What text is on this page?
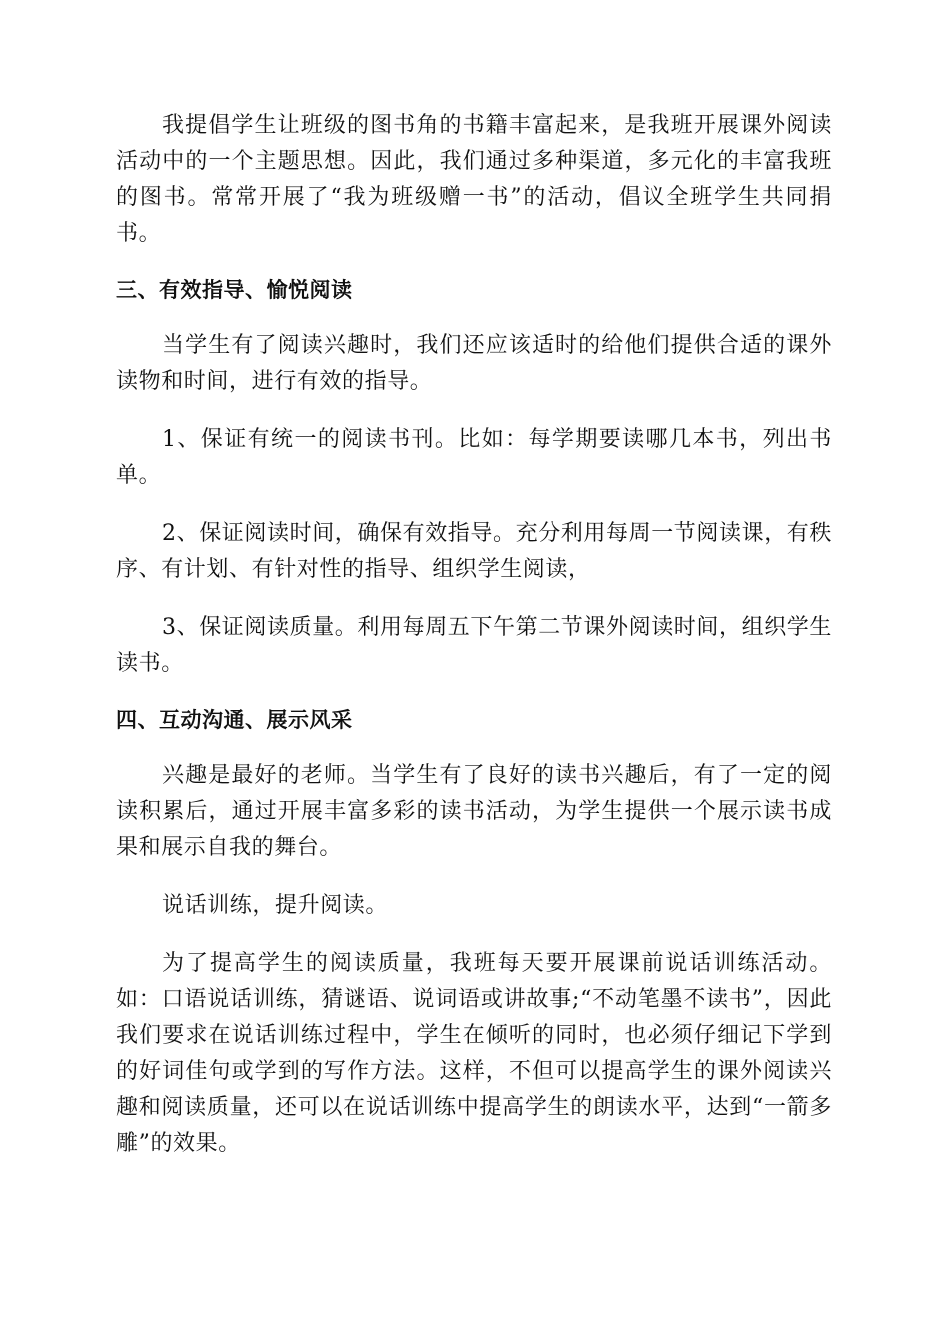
我提倡学生让班级的图书角的书籍丰富起来，是我班开展课外阅读活动中的一个主题思想。因此，我们通过多种渠道，多元化的丰富我班的图书。常常开展了“我为班级赠一书”的活动，倡议全班学生共同捐书。

三、有效指导、愉悦阅读

当学生有了阅读兴趣时，我们还应该适时的给他们提供合适的课外读物和时间，进行有效的指导。

1、保证有统一的阅读书刊。比如：每学期要读哪几本书，列出书单。

2、保证阅读时间，确保有效指导。充分利用每周一节阅读课，有秩序、有计划、有针对性的指导、组织学生阅读，

3、保证阅读质量。利用每周五下午第二节课外阅读时间，组织学生读书。

四、互动沟通、展示风采

兴趣是最好的老师。当学生有了良好的读书兴趣后，有了一定的阅读积累后，通过开展丰富多彩的读书活动，为学生提供一个展示读书成果和展示自我的舞台。

说话训练，提升阅读。

为了提高学生的阅读质量，我班每天要开展课前说话训练活动。如：口语说话训练，猜谜语、说词语或讲故事;“不动笔墨不读书”，因此我们要求在说话训练过程中，学生在倾听的同时，也必须仔细记下学到的好词佳句或学到的写作方法。这样，不但可以提高学生的课外阅读兴趣和阅读质量，还可以在说话训练中提高学生的朗读水平，达到“一箭多雕”的效果。
